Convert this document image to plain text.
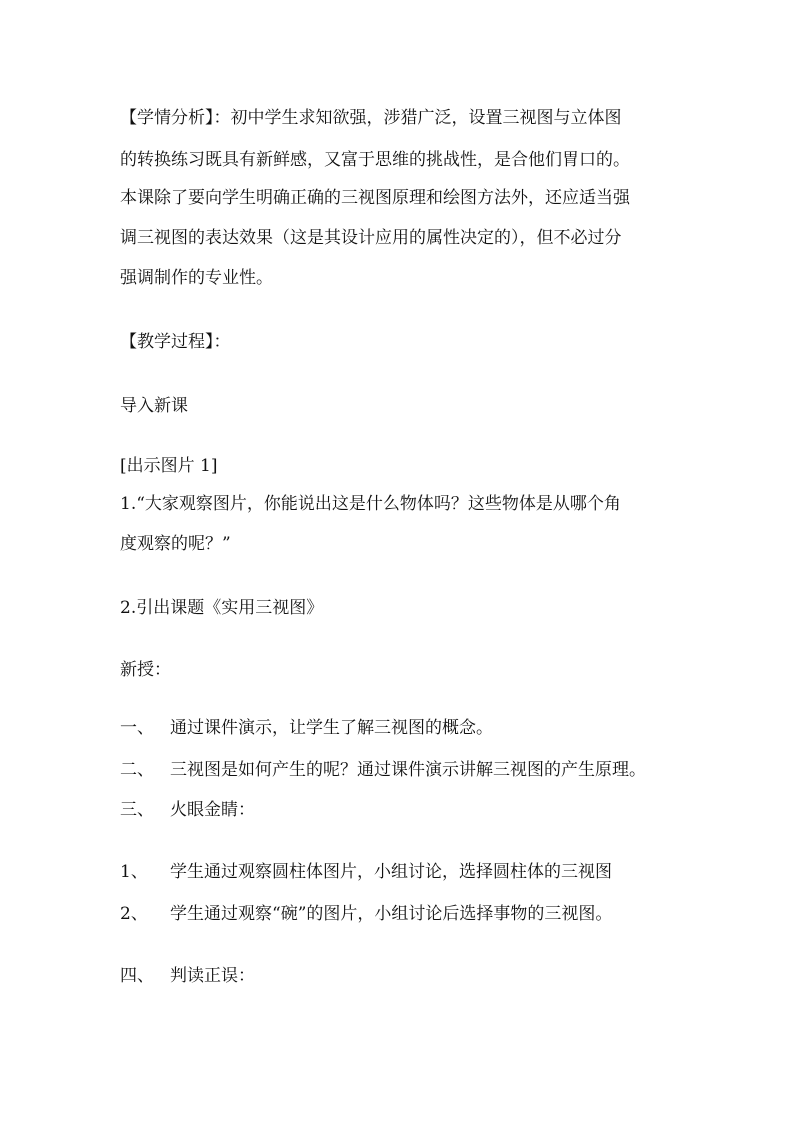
【学情分析】：初中学生求知欲强，涉猎广泛，设置三视图与立体图
的转换练习既具有新鲜感，又富于思维的挑战性，是合他们胃口的。
本课除了要向学生明确正确的三视图原理和绘图方法外，还应适当强
调三视图的表达效果（这是其设计应用的属性决定的），但不必过分
强调制作的专业性。
【教学过程】：
导入新课
[出示图片 1]
1.“大家观察图片，你能说出这是什么物体吗？这些物体是从哪个角
度观察的呢？”
2.引出课题《实用三视图》
新授：
一、 通过课件演示，让学生了解三视图的概念。
二、 三视图是如何产生的呢？通过课件演示讲解三视图的产生原理。
三、 火眼金睛：
1、 学生通过观察圆柱体图片，小组讨论，选择圆柱体的三视图
2、 学生通过观察“碗”的图片，小组讨论后选择事物的三视图。
四、 判读正误：
